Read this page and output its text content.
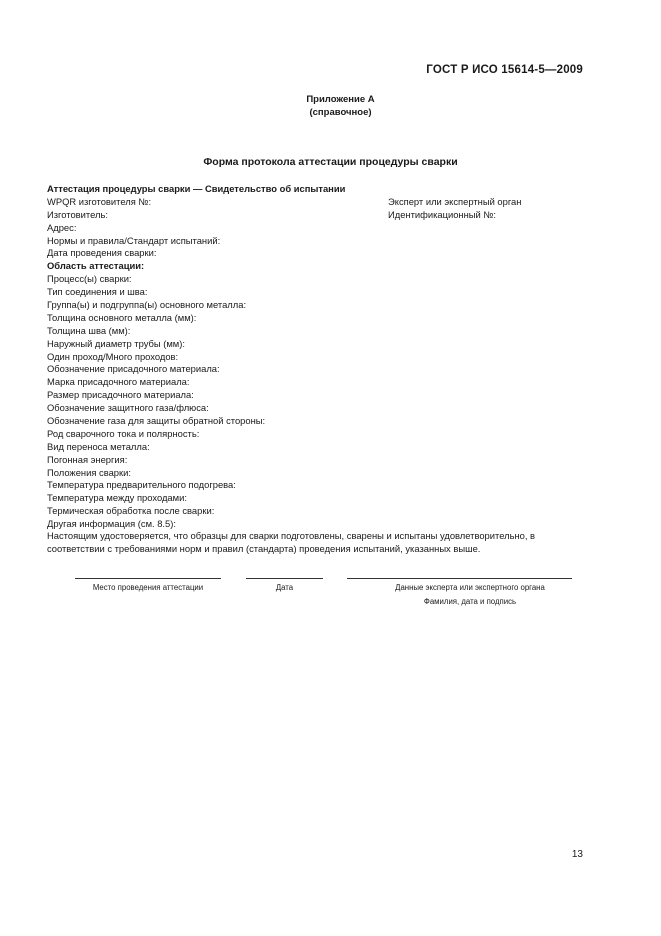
ГОСТ Р ИСО 15614-5—2009
Приложение А
(справочное)
Форма протокола аттестации процедуры сварки
Аттестация процедуры сварки — Свидетельство об испытании
WPQR изготовителя №:
Изготовитель:
Адрес:
Нормы и правила/Стандарт испытаний:
Дата проведения сварки:
Область аттестации:
Процесс(ы) сварки:
Тип соединения и шва:
Группа(ы) и подгруппа(ы) основного металла:
Толщина основного металла (мм):
Толщина шва (мм):
Наружный диаметр трубы (мм):
Один проход/Много проходов:
Обозначение присадочного материала:
Марка присадочного материала:
Размер присадочного материала:
Обозначение защитного газа/флюса:
Обозначение газа для защиты обратной стороны:
Род сварочного тока и полярность:
Вид переноса металла:
Погонная энергия:
Положения сварки:
Температура предварительного подогрева:
Температура между проходами:
Термическая обработка после сварки:
Другая информация (см. 8.5):
Эксперт или экспертный орган
Идентификационный №:
Настоящим удостоверяется, что образцы для сварки подготовлены, сварены и испытаны удовлетворительно, в соответствии с требованиями норм и правил (стандарта) проведения испытаний, указанных выше.
Место проведения аттестации	Дата	Данные эксперта или экспертного органа
Фамилия, дата и подпись
13
